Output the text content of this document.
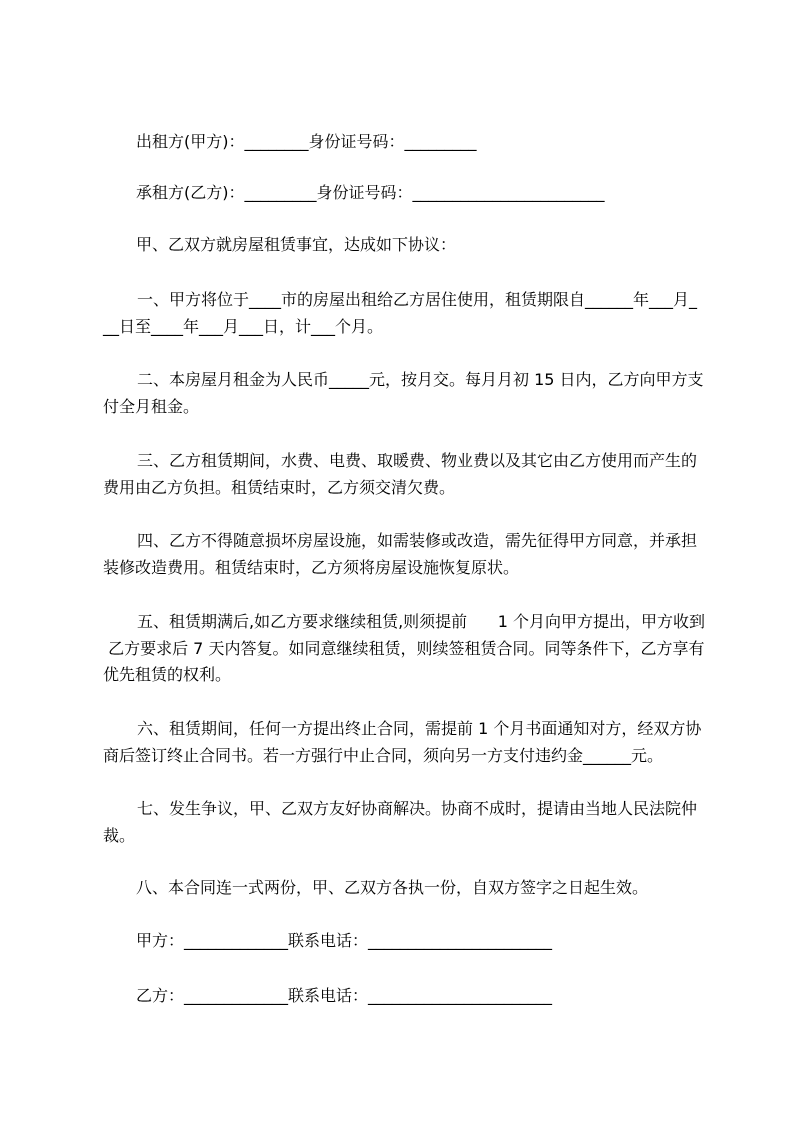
出租方(甲方)：________身份证号码：_________
承租方(乙方)：_________身份证号码：________________________
甲、乙双方就房屋租赁事宜，达成如下协议：
一、甲方将位于____市的房屋出租给乙方居住使用，租赁期限自______年___月_
__日至____年___月___日，计___个月。
二、本房屋月租金为人民币_____元，按月交。每月月初 15 日内，乙方向甲方支
付全月租金。
三、乙方租赁期间，水费、电费、取暖费、物业费以及其它由乙方使用而产生的
费用由乙方负担。租赁结束时，乙方须交清欠费。
四、乙方不得随意损坏房屋设施，如需装修或改造，需先征得甲方同意，并承担
装修改造费用。租赁结束时，乙方须将房屋设施恢复原状。
五、租赁期满后,如乙方要求继续租赁,则须提前      1 个月向甲方提出，甲方收到
乙方要求后 7 天内答复。如同意继续租赁，则续签租赁合同。同等条件下，乙方享有
优先租赁的权利。
六、租赁期间，任何一方提出终止合同，需提前 1 个月书面通知对方，经双方协
商后签订终止合同书。若一方强行中止合同，须向另一方支付违约金______元。
七、发生争议，甲、乙双方友好协商解决。协商不成时，提请由当地人民法院仲
裁。
八、本合同连一式两份，甲、乙双方各执一份，自双方签字之日起生效。
甲方：_____________联系电话：_______________________
乙方：_____________联系电话：_______________________
